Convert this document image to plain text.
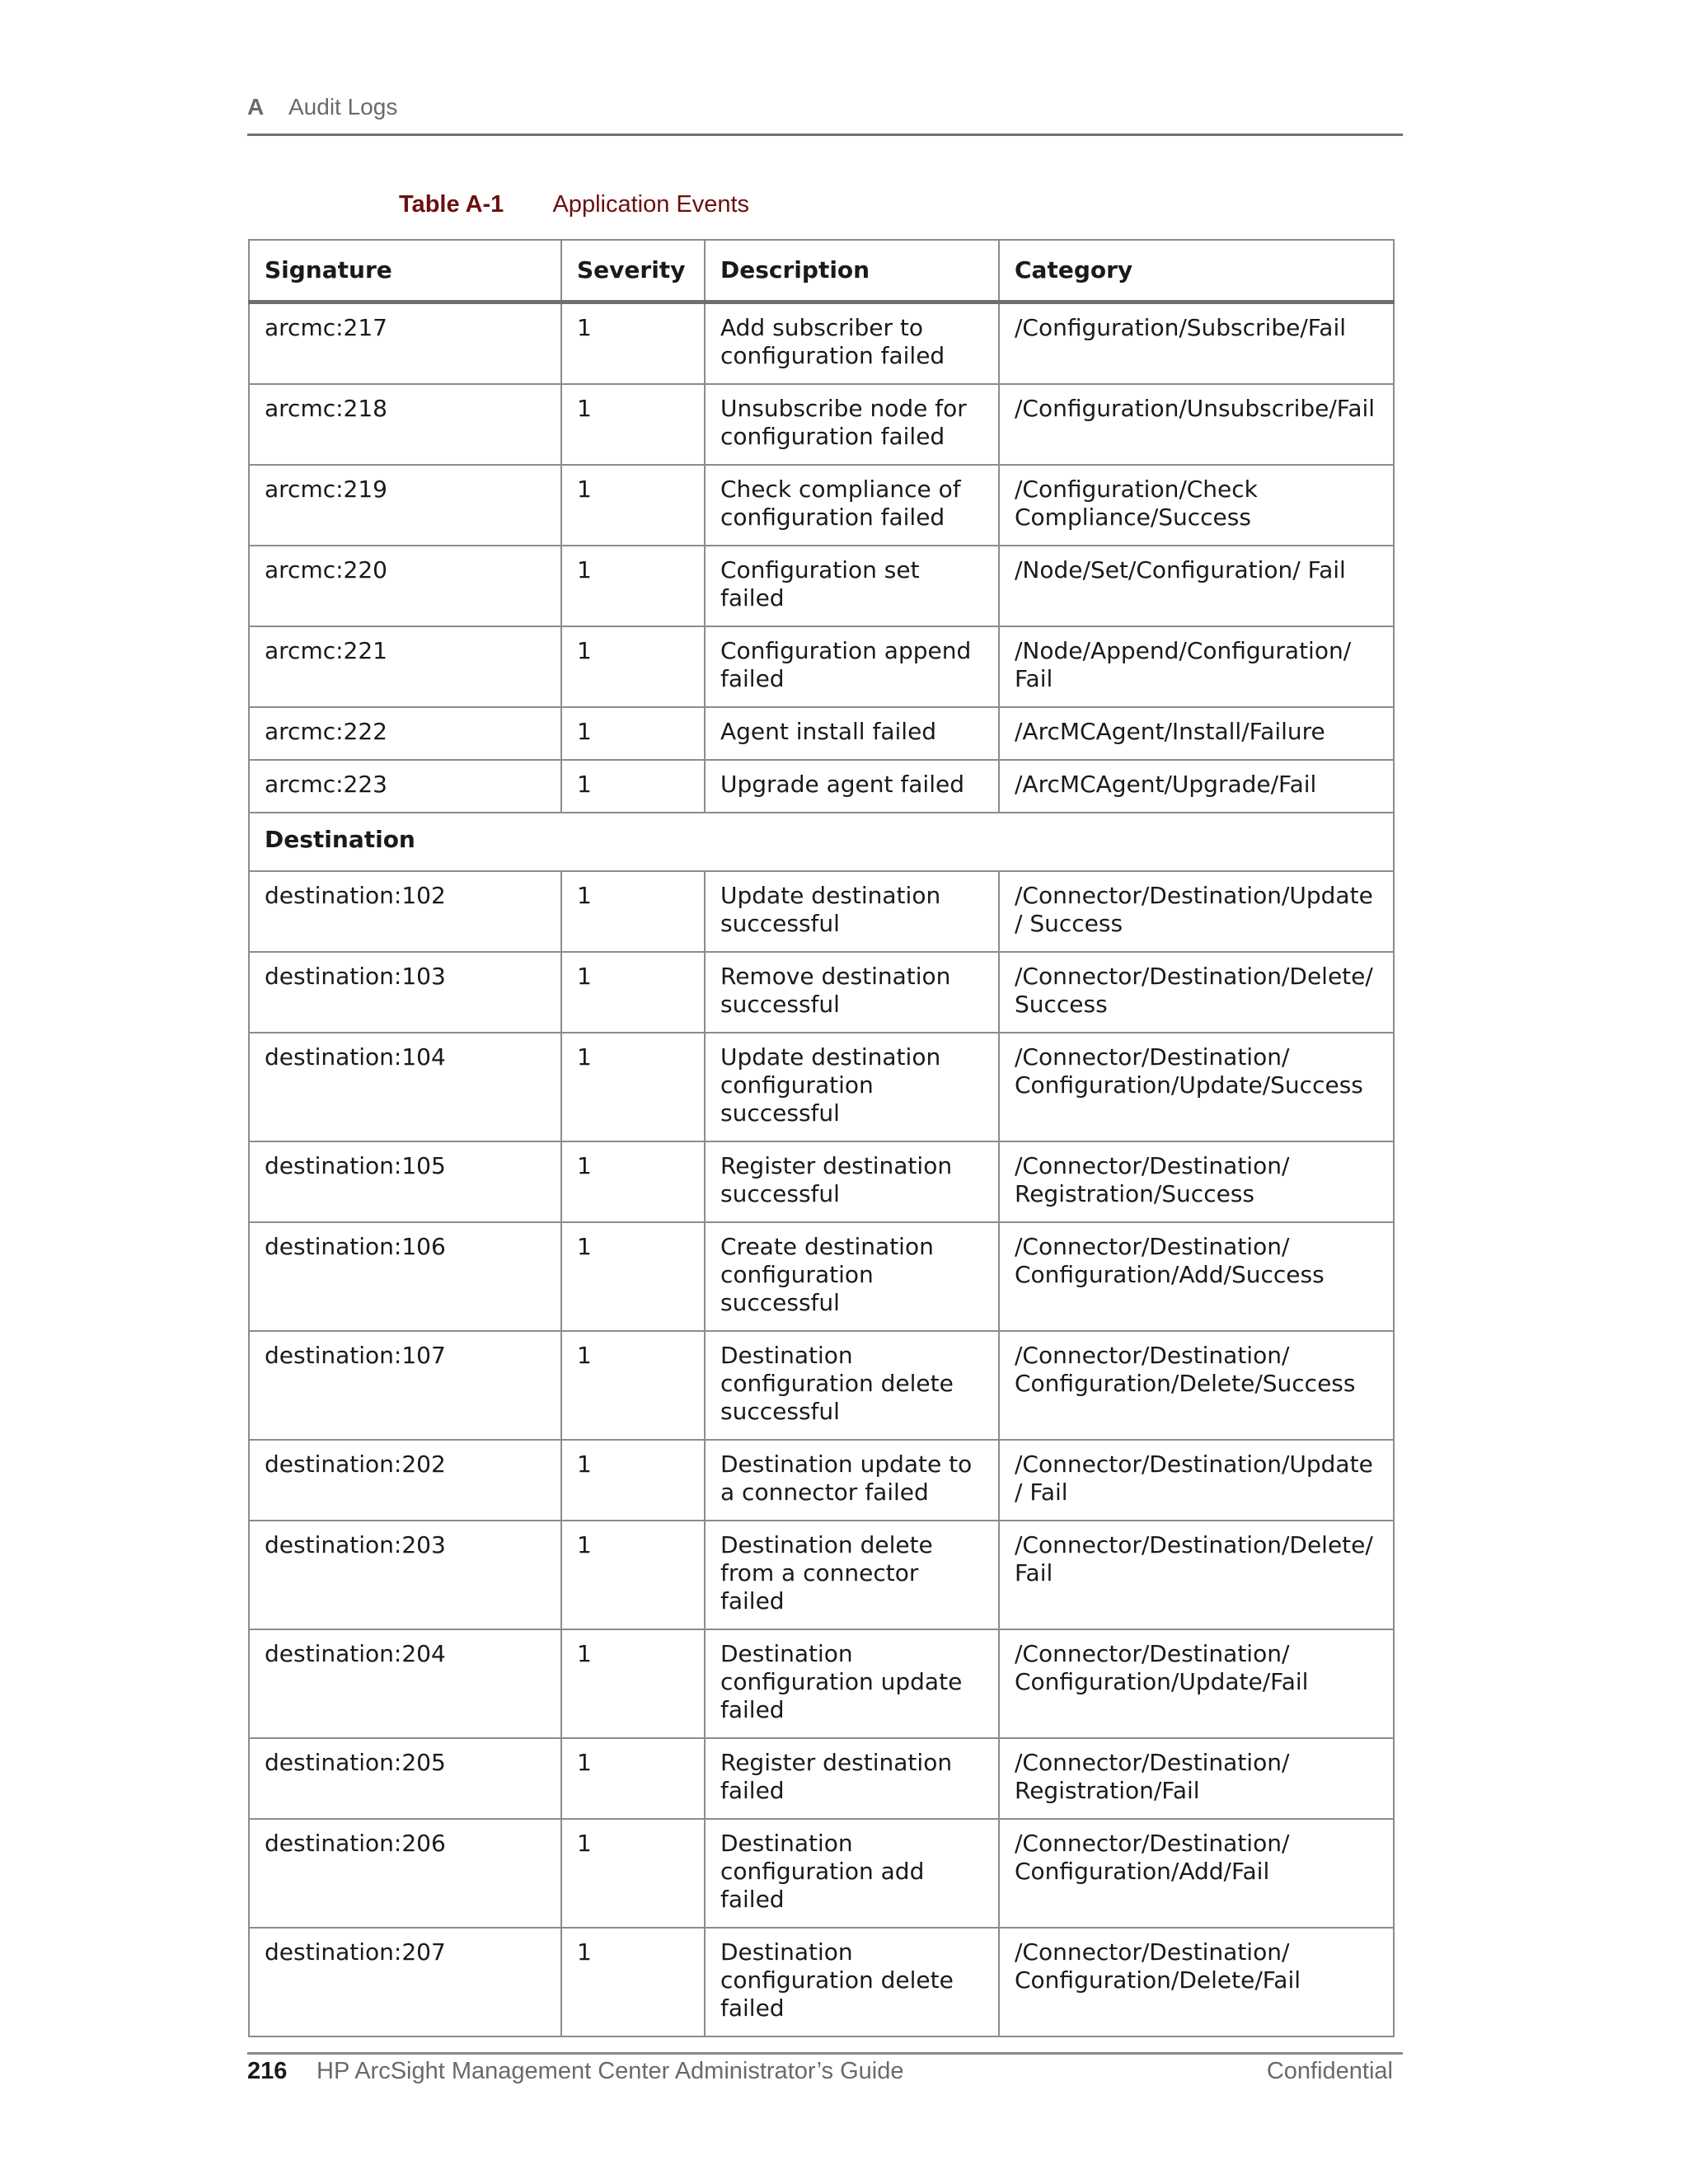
A Audit Logs
Table A-1 Application Events
Signature	Severity	Description	Category
arcmc:217	1	Add subscriber to configuration failed	/Configuration/Subscribe/Fail
arcmc:218	1	Unsubscribe node for configuration failed	/Configuration/Unsubscribe/Fail
arcmc:219	1	Check compliance of configuration failed	/Configuration/Check Compliance/Success
arcmc:220	1	Configuration set failed	/Node/Set/Configuration/ Fail
arcmc:221	1	Configuration append failed	/Node/Append/Configuration/ Fail
arcmc:222	1	Agent install failed	/ArcMCAgent/Install/Failure
arcmc:223	1	Upgrade agent failed	/ArcMCAgent/Upgrade/Fail
Destination			
destination:102	1	Update destination successful	/Connector/Destination/Update/ Success
destination:103	1	Remove destination successful	/Connector/Destination/Delete/ Success
destination:104	1	Update destination configuration successful	/Connector/Destination/ Configuration/Update/Success
destination:105	1	Register destination successful	/Connector/Destination/ Registration/Success
destination:106	1	Create destination configuration successful	/Connector/Destination/ Configuration/Add/Success
destination:107	1	Destination configuration delete successful	/Connector/Destination/ Configuration/Delete/Success
destination:202	1	Destination update to a connector failed	/Connector/Destination/Update/ Fail
destination:203	1	Destination delete from a connector failed	/Connector/Destination/Delete/ Fail
destination:204	1	Destination configuration update failed	/Connector/Destination/ Configuration/Update/Fail
destination:205	1	Register destination failed	/Connector/Destination/ Registration/Fail
destination:206	1	Destination configuration add failed	/Connector/Destination/ Configuration/Add/Fail
destination:207	1	Destination configuration delete failed	/Connector/Destination/ Configuration/Delete/Fail
216 HP ArcSight Management Center Administrator’s Guide	Confidential
